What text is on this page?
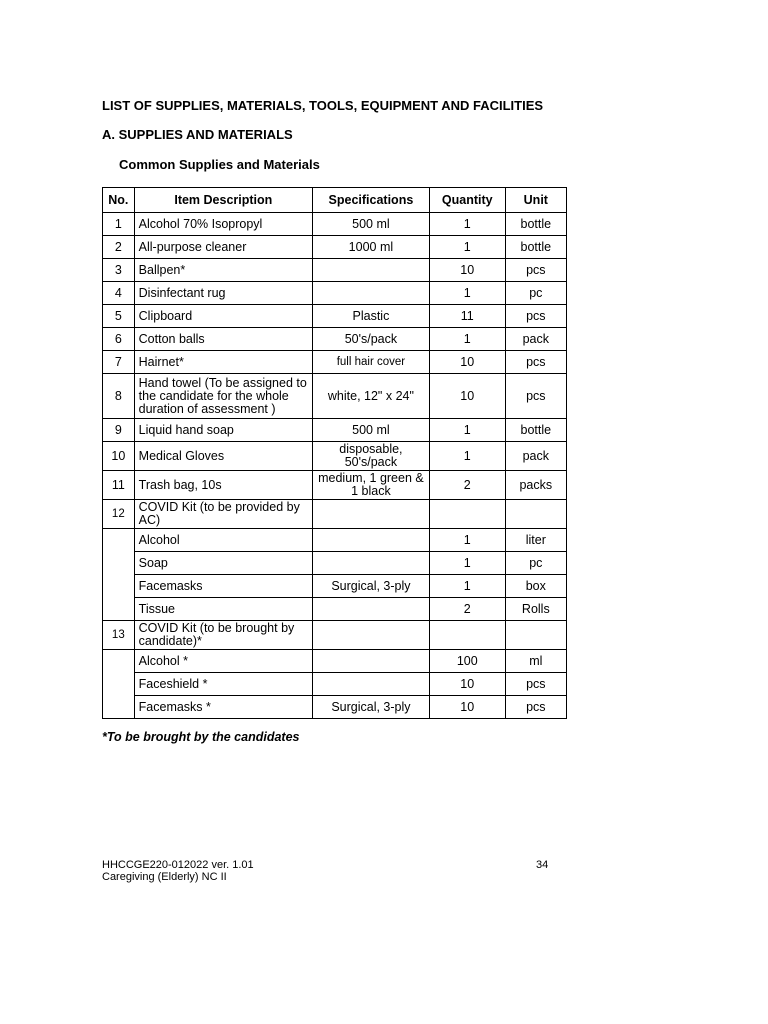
LIST OF SUPPLIES, MATERIALS, TOOLS, EQUIPMENT AND FACILITIES
A. SUPPLIES AND MATERIALS
Common Supplies and Materials
No.	Item Description	Specifications	Quantity	Unit
1	Alcohol 70% Isopropyl	500 ml	1	bottle
2	All-purpose cleaner	1000 ml	1	bottle
3	Ballpen*		10	pcs
4	Disinfectant rug		1	pc
5	Clipboard	Plastic	11	pcs
6	Cotton balls	50's/pack	1	pack
7	Hairnet*	full hair cover	10	pcs
8	Hand towel (To be assigned to the candidate for the whole duration of assessment )	white, 12" x 24"	10	pcs
9	Liquid hand soap	500 ml	1	bottle
10	Medical Gloves	disposable, 50's/pack	1	pack
11	Trash bag, 10s	medium, 1 green & 1 black	2	packs
12	COVID Kit (to be provided by AC)			
	Alcohol		1	liter
	Soap		1	pc
	Facemasks	Surgical, 3-ply	1	box
	Tissue		2	Rolls
13	COVID Kit (to be brought by candidate)*			
	Alcohol *		100	ml
	Faceshield *		10	pcs
	Facemasks *	Surgical, 3-ply	10	pcs
*To be brought by the candidates
HHCCGE220-012022 ver. 1.01
Caregiving (Elderly) NC II
34
